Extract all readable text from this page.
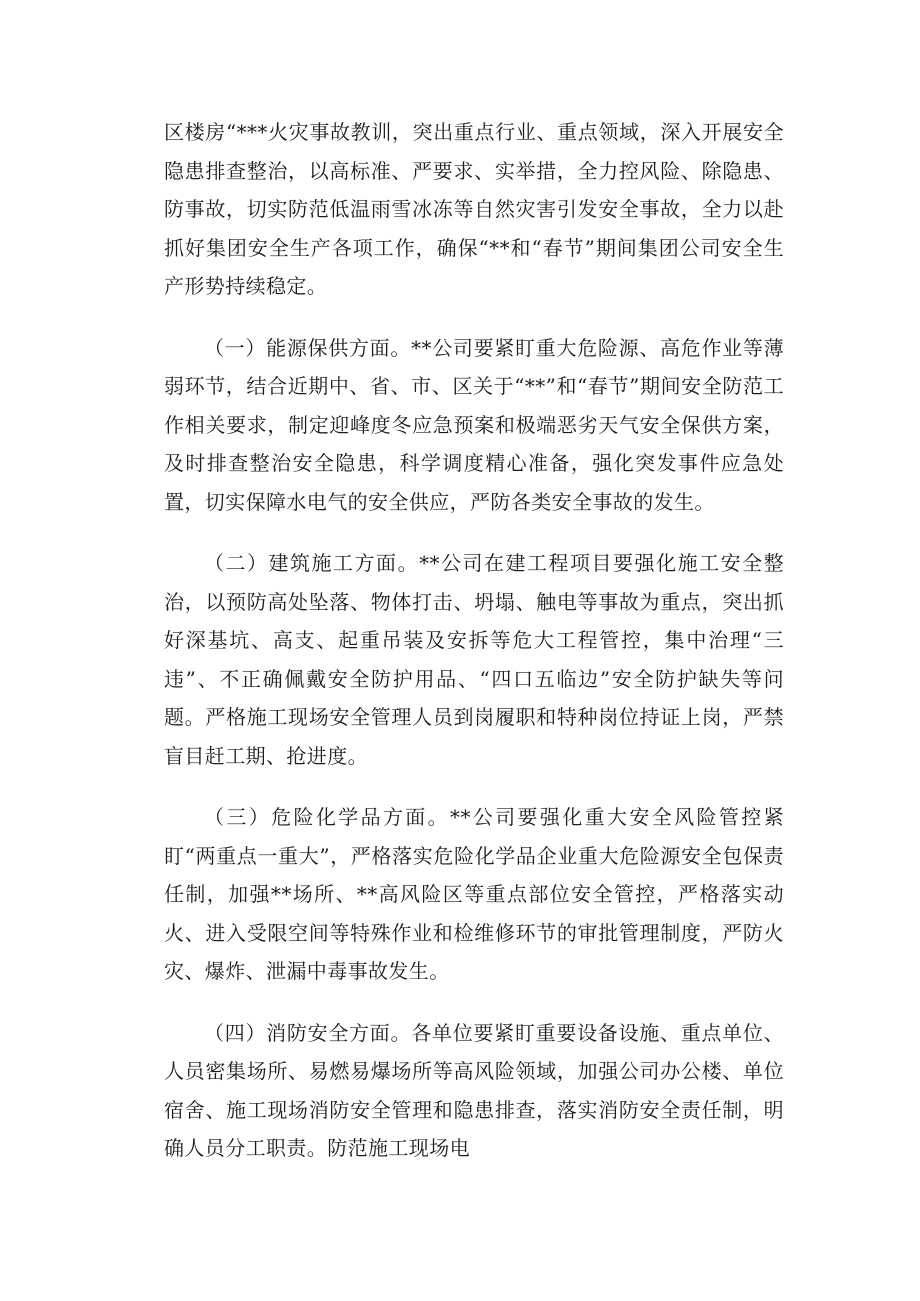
区楼房“***火灾事故教训，突出重点行业、重点领域，深入开展安全隐患排查整治，以高标准、严要求、实举措，全力控风险、除隐患、防事故，切实防范低温雨雪冰冻等自然灾害引发安全事故，全力以赴抓好集团安全生产各项工作，确保“**和“春节”期间集团公司安全生产形势持续稳定。

（一）能源保供方面。**公司要紧盯重大危险源、高危作业等薄弱环节，结合近期中、省、市、区关于“**”和“春节”期间安全防范工作相关要求，制定迎峰度冬应急预案和极端恶劣天气安全保供方案，及时排查整治安全隐患，科学调度精心准备，强化突发事件应急处置，切实保障水电气的安全供应，严防各类安全事故的发生。

（二）建筑施工方面。**公司在建工程项目要强化施工安全整治，以预防高处坠落、物体打击、坍塌、触电等事故为重点，突出抓好深基坑、高支、起重吊装及安拆等危大工程管控，集中治理“三违”、不正确佩戴安全防护用品、“四口五临边”安全防护缺失等问题。严格施工现场安全管理人员到岗履职和特种岗位持证上岗，严禁盲目赶工期、抢进度。

（三）危险化学品方面。**公司要强化重大安全风险管控紧盯“两重点一重大”，严格落实危险化学品企业重大危险源安全包保责任制，加强**场所、**高风险区等重点部位安全管控，严格落实动火、进入受限空间等特殊作业和检维修环节的审批管理制度，严防火灾、爆炸、泄漏中毒事故发生。

（四）消防安全方面。各单位要紧盯重要设备设施、重点单位、人员密集场所、易燃易爆场所等高风险领域，加强公司办公楼、单位宿舍、施工现场消防安全管理和隐患排查，落实消防安全责任制，明确人员分工职责。防范施工现场电
